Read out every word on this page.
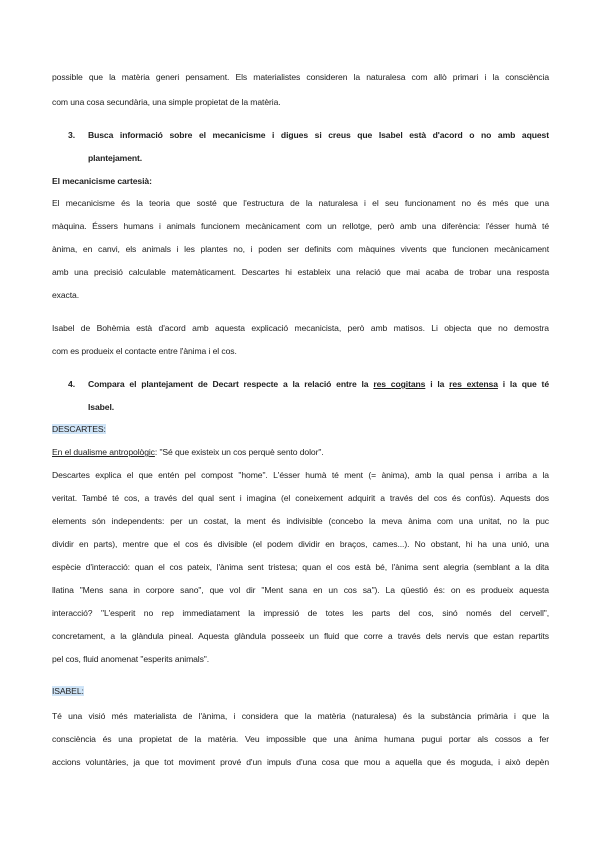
possible que la matèria generi pensament. Els materialistes consideren la naturalesa com allò primari i la consciència
com una cosa secundària, una simple propietat de la matèria.
3. Busca informació sobre el mecanicisme i digues si creus que Isabel està d'acord o no amb aquest
plantejament.
El mecanicisme cartesià:
El mecanicisme és la teoria que sosté que l'estructura de la naturalesa i el seu funcionament no és més que una
màquina. Éssers humans i animals funcionem mecànicament com un rellotge, però amb una diferència: l'ésser humà té
ànima, en canvi, els animals i les plantes no, i poden ser definits com màquines vivents que funcionen mecànicament
amb una precisió calculable matemàticament. Descartes hi estableix una relació que mai acaba de trobar una resposta
exacta.
Isabel de Bohèmia està d'acord amb aquesta explicació mecanicista, però amb matisos. Li objecta que no demostra
com es produeix el contacte entre l'ànima i el cos.
4. Compara el plantejament de Decart respecte a la relació entre la res cogitans i la res extensa i la que té
Isabel.
DESCARTES:
En el dualisme antropològic: "Sé que existeix un cos perquè sento dolor".
Descartes explica el que entén pel compost "home". L'ésser humà té ment (= ànima), amb la qual pensa i arriba a la
veritat. També té cos, a través del qual sent i imagina (el coneixement adquirit a través del cos és confús). Aquests dos
elements són independents: per un costat, la ment és indivisible (concebo la meva ànima com una unitat, no la puc
dividir en parts), mentre que el cos és divisible (el podem dividir en braços, cames...). No obstant, hi ha una unió, una
espècie d'interacció: quan el cos pateix, l'ànima sent tristesa; quan el cos està bé, l'ànima sent alegria (semblant a la dita
llatina "Mens sana in corpore sano", que vol dir "Ment sana en un cos sa"). La qüestió és: on es produeix aquesta
interacció? "L'esperit no rep immediatament la impressió de totes les parts del cos, sinó només del cervell",
concretament, a la glàndula pineal. Aquesta glàndula posseeix un fluid que corre a través dels nervis que estan repartits
pel cos, fluid anomenat "esperits animals".
ISABEL:
Té una visió més materialista de l'ànima, i considera que la matèria (naturalesa) és la substància primària i que la
consciència és una propietat de la matèria. Veu impossible que una ànima humana pugui portar als cossos a fer
accions voluntàries, ja que tot moviment prové d'un impuls d'una cosa que mou a aquella que és moguda, i això depèn
